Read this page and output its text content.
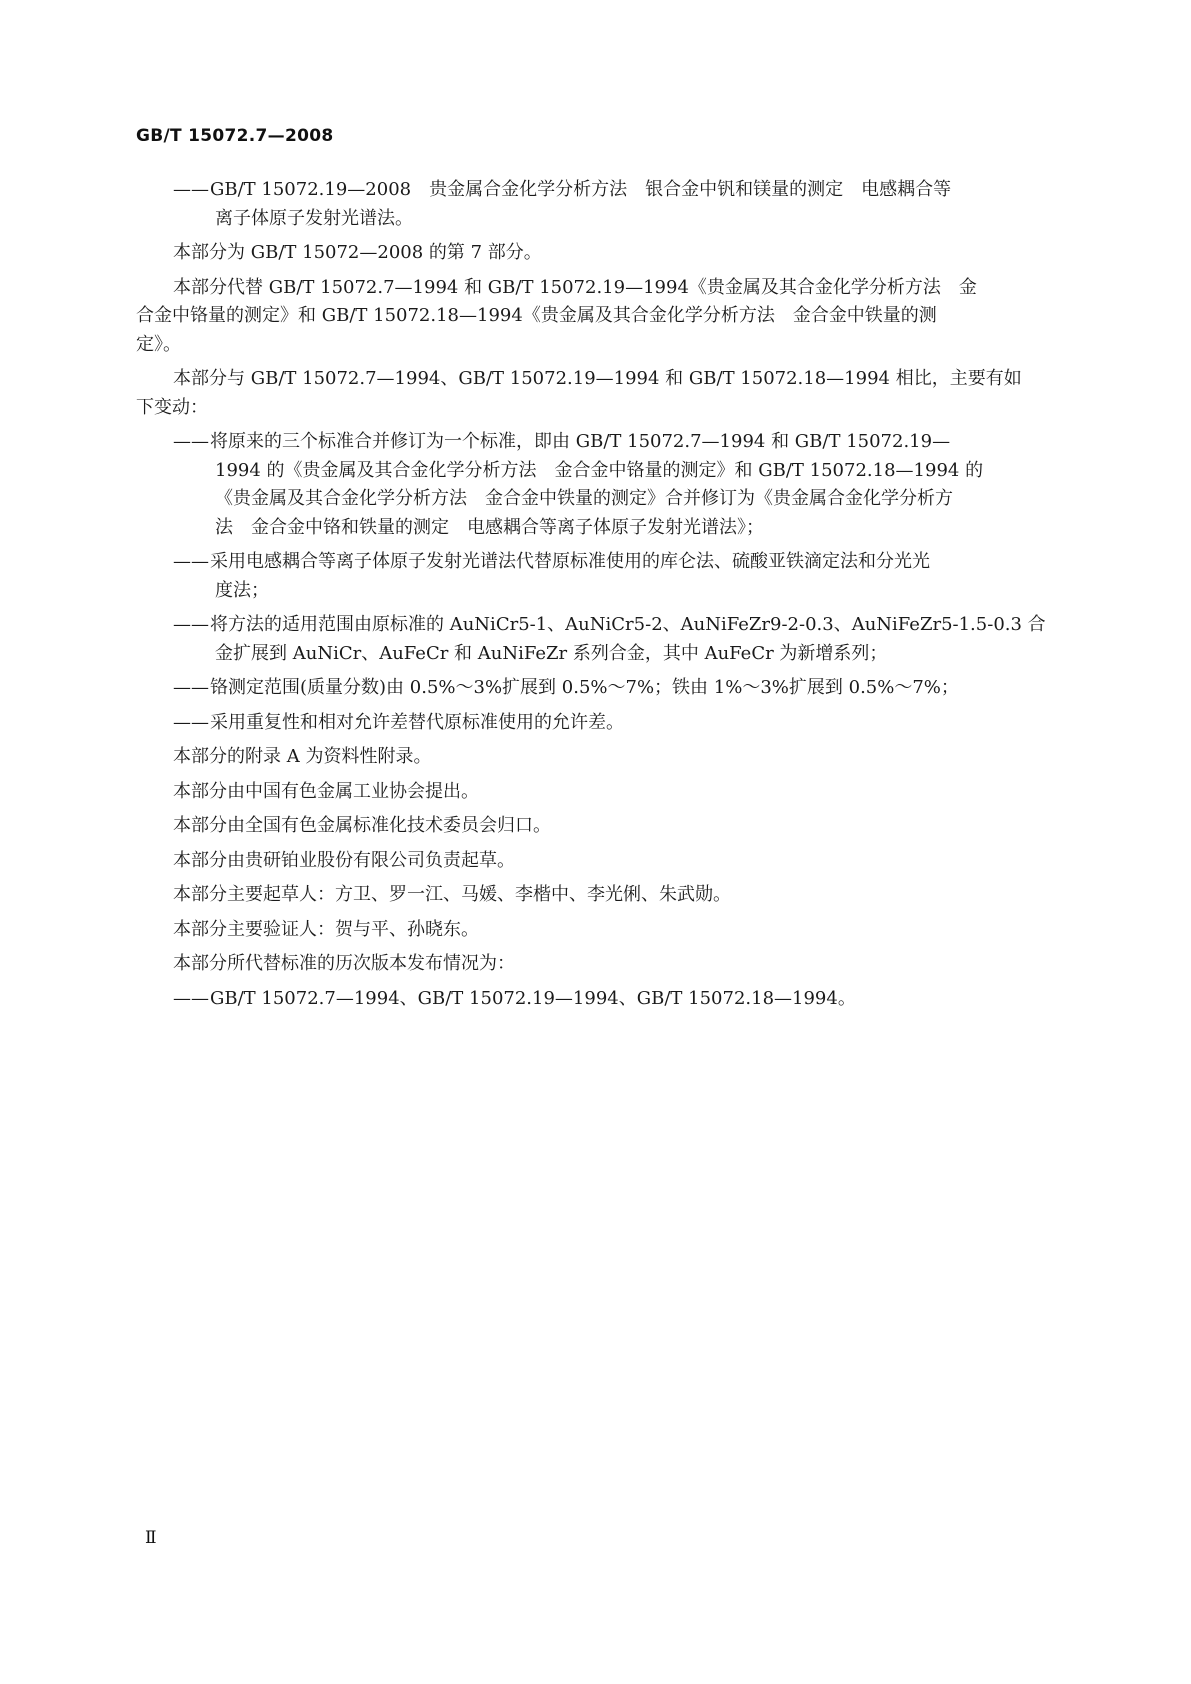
GB/T 15072.7—2008
——GB/T 15072.19—2008　贵金属合金化学分析方法　银合金中钒和镁量的测定　电感耦合等
离子体原子发射光谱法。
本部分为 GB/T 15072—2008 的第 7 部分。
本部分代替 GB/T 15072.7—1994 和 GB/T 15072.19—1994《贵金属及其合金化学分析方法　金
合金中铬量的测定》和 GB/T 15072.18—1994《贵金属及其合金化学分析方法　金合金中铁量的测
定》。
本部分与 GB/T 15072.7—1994、GB/T 15072.19—1994 和 GB/T 15072.18—1994 相比，主要有如
下变动：
——将原来的三个标准合并修订为一个标准，即由 GB/T 15072.7—1994 和 GB/T 15072.19—
1994 的《贵金属及其合金化学分析方法　金合金中铬量的测定》和 GB/T 15072.18—1994 的
《贵金属及其合金化学分析方法　金合金中铁量的测定》合并修订为《贵金属合金化学分析方
法　金合金中铬和铁量的测定　电感耦合等离子体原子发射光谱法》；
——采用电感耦合等离子体原子发射光谱法代替原标准使用的库仑法、硫酸亚铁滴定法和分光光
度法；
——将方法的适用范围由原标准的 AuNiCr5-1、AuNiCr5-2、AuNiFeZr9-2-0.3、AuNiFeZr5-1.5-0.3 合
金扩展到 AuNiCr、AuFeCr 和 AuNiFeZr 系列合金，其中 AuFeCr 为新增系列；
——铬测定范围(质量分数)由 0.5%～3%扩展到 0.5%～7%；铁由 1%～3%扩展到 0.5%～7%；
——采用重复性和相对允许差替代原标准使用的允许差。
本部分的附录 A 为资料性附录。
本部分由中国有色金属工业协会提出。
本部分由全国有色金属标准化技术委员会归口。
本部分由贵研铂业股份有限公司负责起草。
本部分主要起草人：方卫、罗一江、马媛、李楷中、李光俐、朱武勋。
本部分主要验证人：贺与平、孙晓东。
本部分所代替标准的历次版本发布情况为：
——GB/T 15072.7—1994、GB/T 15072.19—1994、GB/T 15072.18—1994。
Ⅱ
